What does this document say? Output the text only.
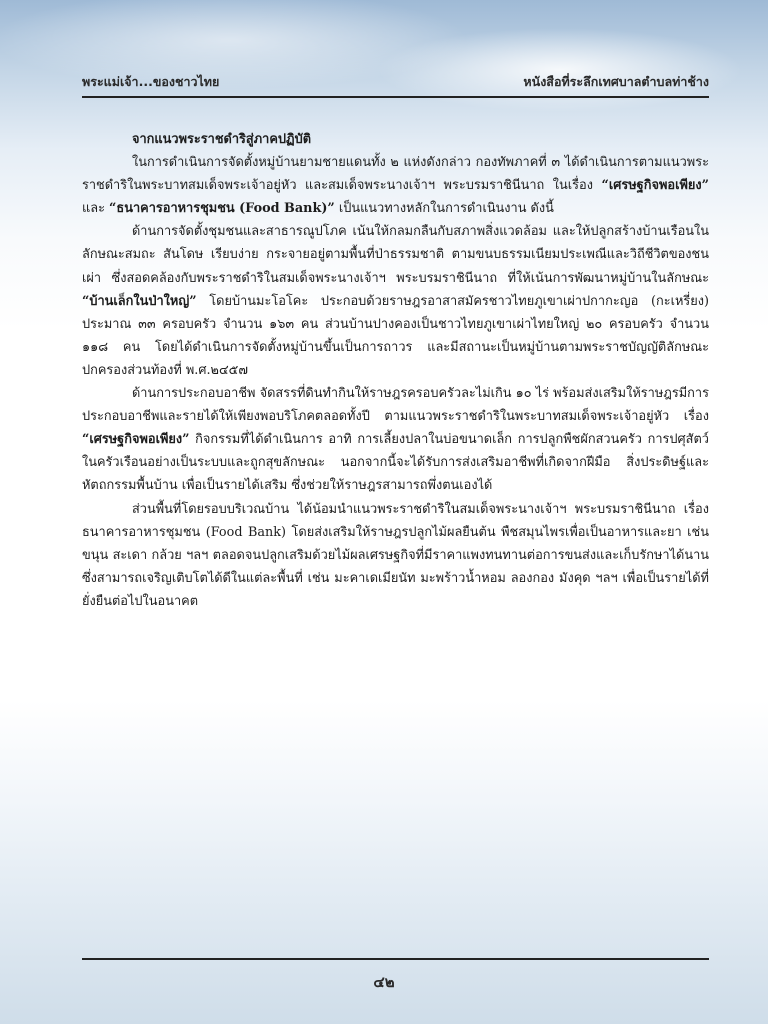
พระแม่เจ้า...ของชาวไทย	หนังสือที่ระลึกเทศบาลตำบลท่าช้าง
จากแนวพระราชดำริสู่ภาคปฏิบัติ

ในการดำเนินการจัดตั้งหมู่บ้านยามชายแดนทั้ง ๒ แห่งดังกล่าว กองทัพภาคที่ ๓ ได้ดำเนินการตามแนวพระราชดำริในพระบาทสมเด็จพระเจ้าอยู่หัว และสมเด็จพระนางเจ้าฯ พระบรมราชินีนาถ ในเรื่อง “เศรษฐกิจพอเพียง” และ “ธนาคารอาหารชุมชน (Food Bank)” เป็นแนวทางหลักในการดำเนินงาน ดังนี้

ด้านการจัดตั้งชุมชนและสาธารณูปโภค เน้นให้กลมกลืนกับสภาพสิ่งแวดล้อม และให้ปลูกสร้างบ้านเรือนในลักษณะสมถะ สันโดษ เรียบง่าย กระจายอยู่ตามพื้นที่ป่าธรรมชาติ ตามขนบธรรมเนียมประเพณีและวิถีชีวิตของชนเผ่า ซึ่งสอดคล้องกับพระราชดำริในสมเด็จพระนางเจ้าฯ พระบรมราชินีนาถ ที่ให้เน้นการพัฒนาหมู่บ้านในลักษณะ “บ้านเล็กในป่าใหญ่” โดยบ้านมะโอโคะ ประกอบด้วยราษฎรอาสาสมัครชาวไทยภูเขาเผ่าปกากะญอ (กะเหรี่ยง) ประมาณ ๓๓ ครอบครัว จำนวน ๑๖๓ คน ส่วนบ้านปางคองเป็นชาวไทยภูเขาเผ่าไทยใหญ่ ๒๐ ครอบครัว จำนวน ๑๑๘ คน โดยได้ดำเนินการจัดตั้งหมู่บ้านขึ้นเป็นการถาวร และมีสถานะเป็นหมู่บ้านตามพระราชบัญญัติลักษณะปกครองส่วนท้องที่ พ.ศ.๒๔๕๗

ด้านการประกอบอาชีพ จัดสรรที่ดินทำกินให้ราษฎรครอบครัวละไม่เกิน ๑๐ ไร่ พร้อมส่งเสริมให้ราษฎรมีการประกอบอาชีพและรายได้ให้เพียงพอบริโภคตลอดทั้งปี ตามแนวพระราชดำริในพระบาทสมเด็จพระเจ้าอยู่หัว เรื่อง “เศรษฐกิจพอเพียง” กิจกรรมที่ได้ดำเนินการ อาทิ การเลี้ยงปลาในบ่อขนาดเล็ก การปลูกพืชผักสวนครัว การปศุสัตว์ในครัวเรือนอย่างเป็นระบบและถูกสุขลักษณะ นอกจากนี้จะได้รับการส่งเสริมอาชีพที่เกิดจากฝีมือ สิ่งประดิษฐ์และหัตถกรรมพื้นบ้าน เพื่อเป็นรายได้เสริม ซึ่งช่วยให้ราษฎรสามารถพึ่งตนเองได้

ส่วนพื้นที่โดยรอบบริเวณบ้าน ได้น้อมนำแนวพระราชดำริในสมเด็จพระนางเจ้าฯ พระบรมราชินีนาถ เรื่องธนาคารอาหารชุมชน (Food Bank) โดยส่งเสริมให้ราษฎรปลูกไม้ผลยืนต้น พืชสมุนไพรเพื่อเป็นอาหารและยา เช่น ขนุน สะเดา กล้วย ฯลฯ ตลอดจนปลูกเสริมด้วยไม้ผลเศรษฐกิจที่มีราคาแพงทนทานต่อการขนส่งและเก็บรักษาได้นาน ซึ่งสามารถเจริญเติบโตได้ดีในแต่ละพื้นที่ เช่น มะคาเดเมียนัท มะพร้าวน้ำหอม ลองกอง มังคุด ฯลฯ เพื่อเป็นรายได้ที่ยั่งยืนต่อไปในอนาคต

๔๒
